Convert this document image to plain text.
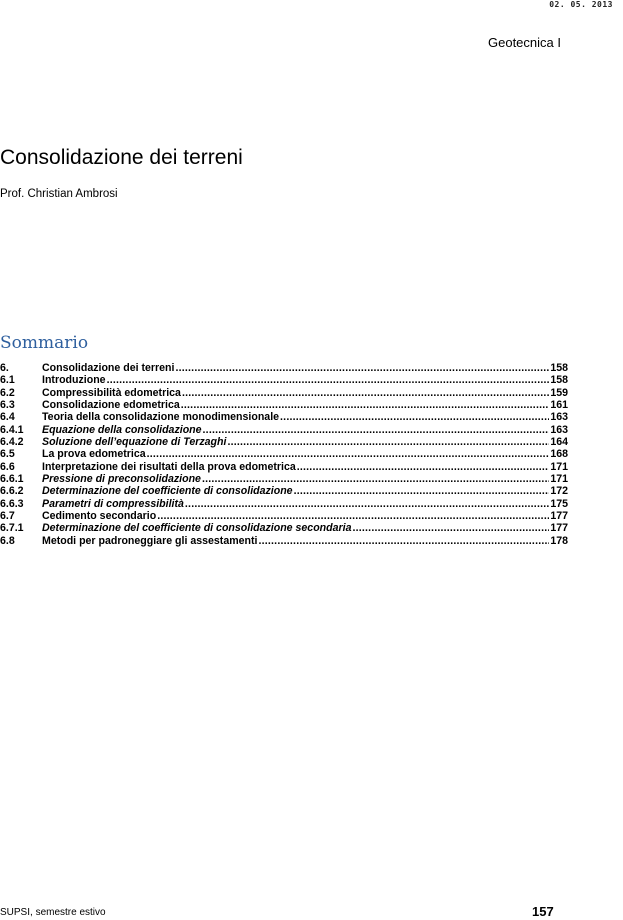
02. 05. 2013
Geotecnica I
Consolidazione dei terreni
Prof. Christian Ambrosi
Sommario
6.	Consolidazione dei terreni .....	158
6.1	Introduzione .....	158
6.2	Compressibilità edometrica .....	159
6.3	Consolidazione edometrica .....	161
6.4	Teoria della consolidazione monodimensionale .....	163
6.4.1	Equazione della consolidazione .....	163
6.4.2	Soluzione dell’equazione di Terzaghi .....	164
6.5	La prova edometrica .....	168
6.6	Interpretazione dei risultati della prova edometrica .....	171
6.6.1	Pressione di preconsolidazione .....	171
6.6.2	Determinazione del coefficiente di consolidazione .....	172
6.6.3	Parametri di compressibilità .....	175
6.7	Cedimento secondario .....	177
6.7.1	Determinazione del coefficiente di consolidazione secondaria .....	177
6.8	Metodi per padroneggiare gli assestamenti .....	178
SUPSI, semestre estivo	157
